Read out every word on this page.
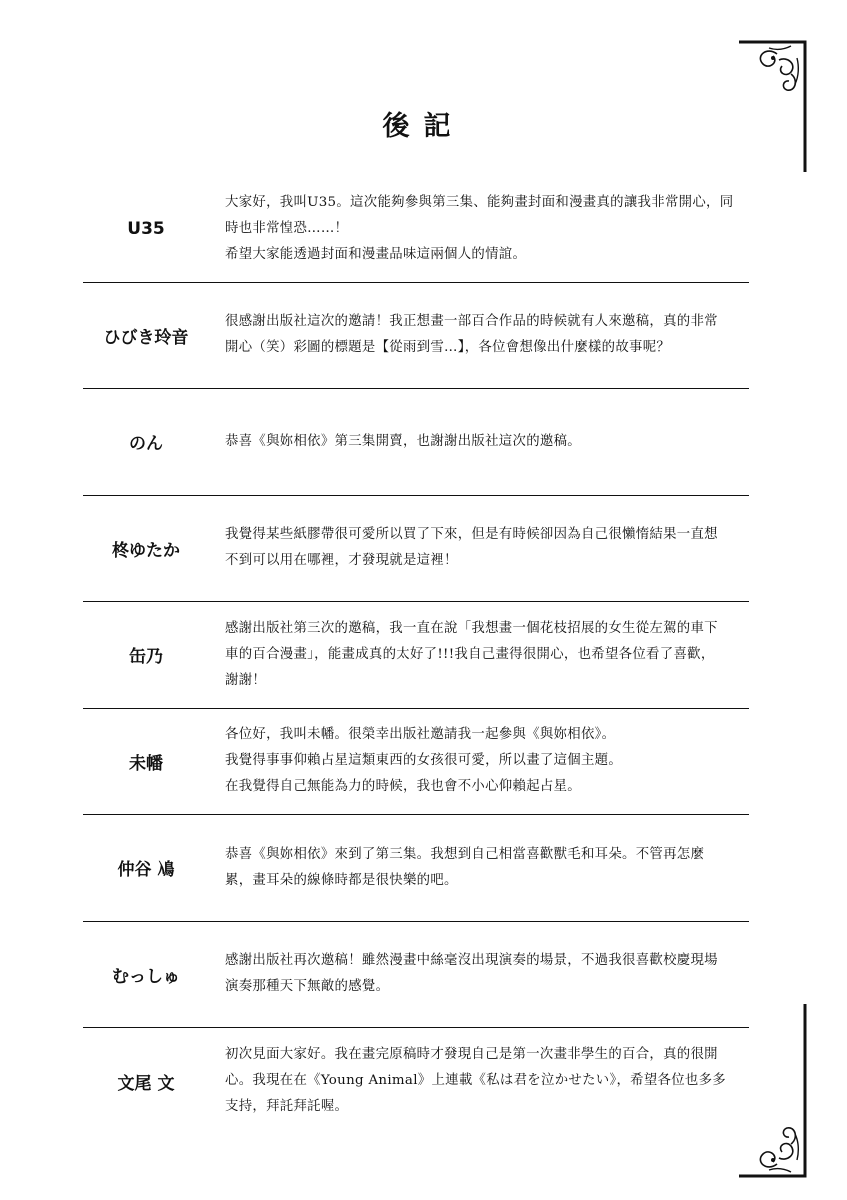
後記
U35

大家好，我叫U35。這次能夠參與第三集、能夠畫封面和漫畫真的讓我非常開心，同

時也非常惶恐……！

希望大家能透過封面和漫畫品味這兩個人的情誼。

ひびき玲音

很感謝出版社這次的邀請！我正想畫一部百合作品的時候就有人來邀稿，真的非常

開心（笑）彩圖的標題是【從雨到雪…】，各位會想像出什麼樣的故事呢？

のん	恭喜《與妳相依》第三集開賣，也謝謝出版社這次的邀稿。

柊ゆたか

我覺得某些紙膠帶很可愛所以買了下來，但是有時候卻因為自己很懶惰結果一直想

不到可以用在哪裡，才發現就是這裡！

缶乃

感謝出版社第三次的邀稿，我一直在說「我想畫一個花枝招展的女生從左駕的車下

車的百合漫畫」，能畫成真的太好了!!!我自己畫得很開心，也希望各位看了喜歡，

謝謝！

未幡

各位好，我叫未幡。很榮幸出版社邀請我一起參與《與妳相依》。

我覺得事事仰賴占星這類東西的女孩很可愛，所以畫了這個主題。

在我覺得自己無能為力的時候，我也會不小心仰賴起占星。

仲谷 鳰

恭喜《與妳相依》來到了第三集。我想到自己相當喜歡獸毛和耳朵。不管再怎麼

累，畫耳朵的線條時都是很快樂的吧。

むっしゅ

感謝出版社再次邀稿！雖然漫畫中絲毫沒出現演奏的場景，不過我很喜歡校慶現場

演奏那種天下無敵的感覺。

文尾 文

初次見面大家好。我在畫完原稿時才發現自己是第一次畫非學生的百合，真的很開

心。我現在在《Young Animal》上連載《私は君を泣かせたい》，希望各位也多多

支持，拜託拜託喔。
